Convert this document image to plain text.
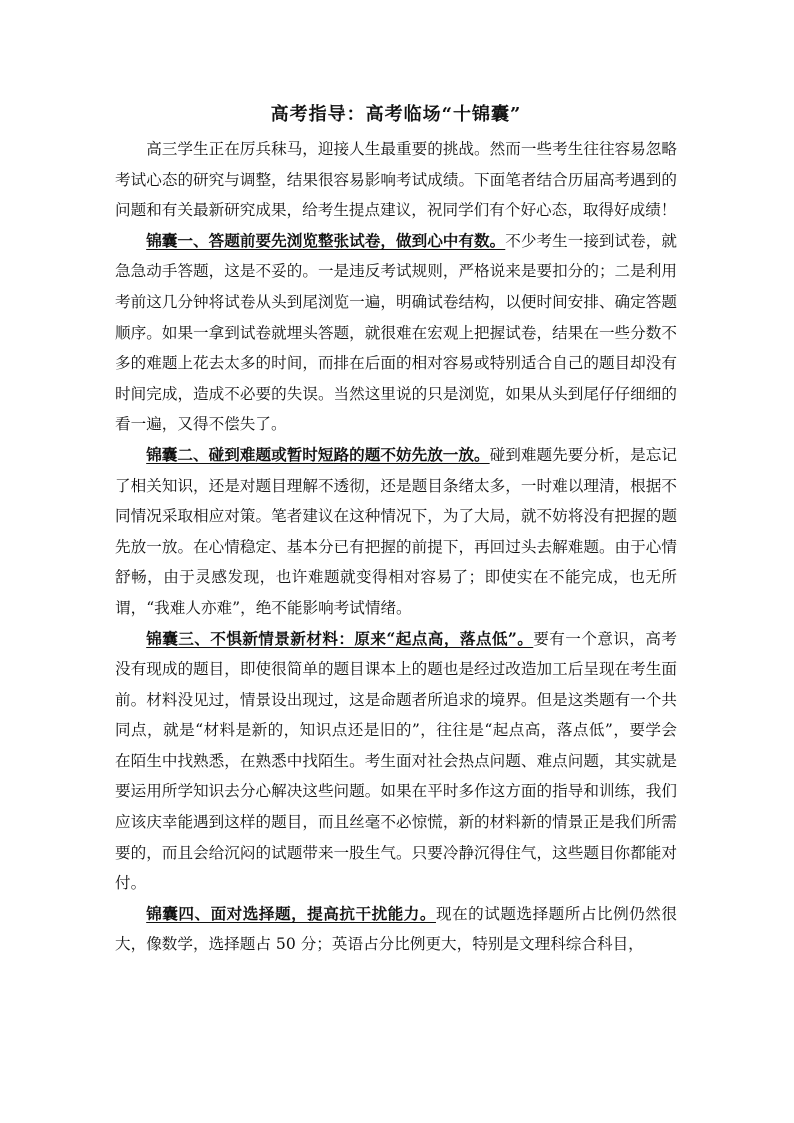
高考指导：高考临场“十锦囊”

高三学生正在厉兵秣马，迎接人生最重要的挑战。然而一些考生往往容易忽略考试心态的研究与调整，结果很容易影响考试成绩。下面笔者结合历届高考遇到的问题和有关最新研究成果，给考生提点建议，祝同学们有个好心态，取得好成绩！

锦囊一、答题前要先浏览整张试卷，做到心中有数。不少考生一接到试卷，就急急动手答题，这是不妥的。一是违反考试规则，严格说来是要扣分的；二是利用考前这几分钟将试卷从头到尾浏览一遍，明确试卷结构，以便时间安排、确定答题顺序。如果一拿到试卷就埋头答题，就很难在宏观上把握试卷，结果在一些分数不多的难题上花去太多的时间，而排在后面的相对容易或特别适合自己的题目却没有时间完成，造成不必要的失误。当然这里说的只是浏览，如果从头到尾仔仔细细的看一遍，又得不偿失了。

锦囊二、碰到难题或暂时短路的题不妨先放一放。碰到难题先要分析，是忘记了相关知识，还是对题目理解不透彻，还是题目条绪太多，一时难以理清，根据不同情况采取相应对策。笔者建议在这种情况下，为了大局，就不妨将没有把握的题先放一放。在心情稳定、基本分已有把握的前提下，再回过头去解难题。由于心情舒畅，由于灵感发现，也许难题就变得相对容易了；即使实在不能完成，也无所谓，“我难人亦难”，绝不能影响考试情绪。

锦囊三、不惧新情景新材料：原来“起点高，落点低”。要有一个意识，高考没有现成的题目，即使很简单的题目课本上的题也是经过改造加工后呈现在考生面前。材料没见过，情景设出现过，这是命题者所追求的境界。但是这类题有一个共同点，就是“材料是新的，知识点还是旧的”，往往是“起点高，落点低”，要学会在陌生中找熟悉，在熟悉中找陌生。考生面对社会热点问题、难点问题，其实就是要运用所学知识去分心解决这些问题。如果在平时多作这方面的指导和训练，我们应该庆幸能遇到这样的题目，而且丝毫不必惊慌，新的材料新的情景正是我们所需要的，而且会给沉闷的试题带来一股生气。只要冷静沉得住气，这些题目你都能对付。

锦囊四、面对选择题，提高抗干扰能力。现在的试题选择题所占比例仍然很大，像数学，选择题占 50 分；英语占分比例更大，特别是文理科综合科目，
